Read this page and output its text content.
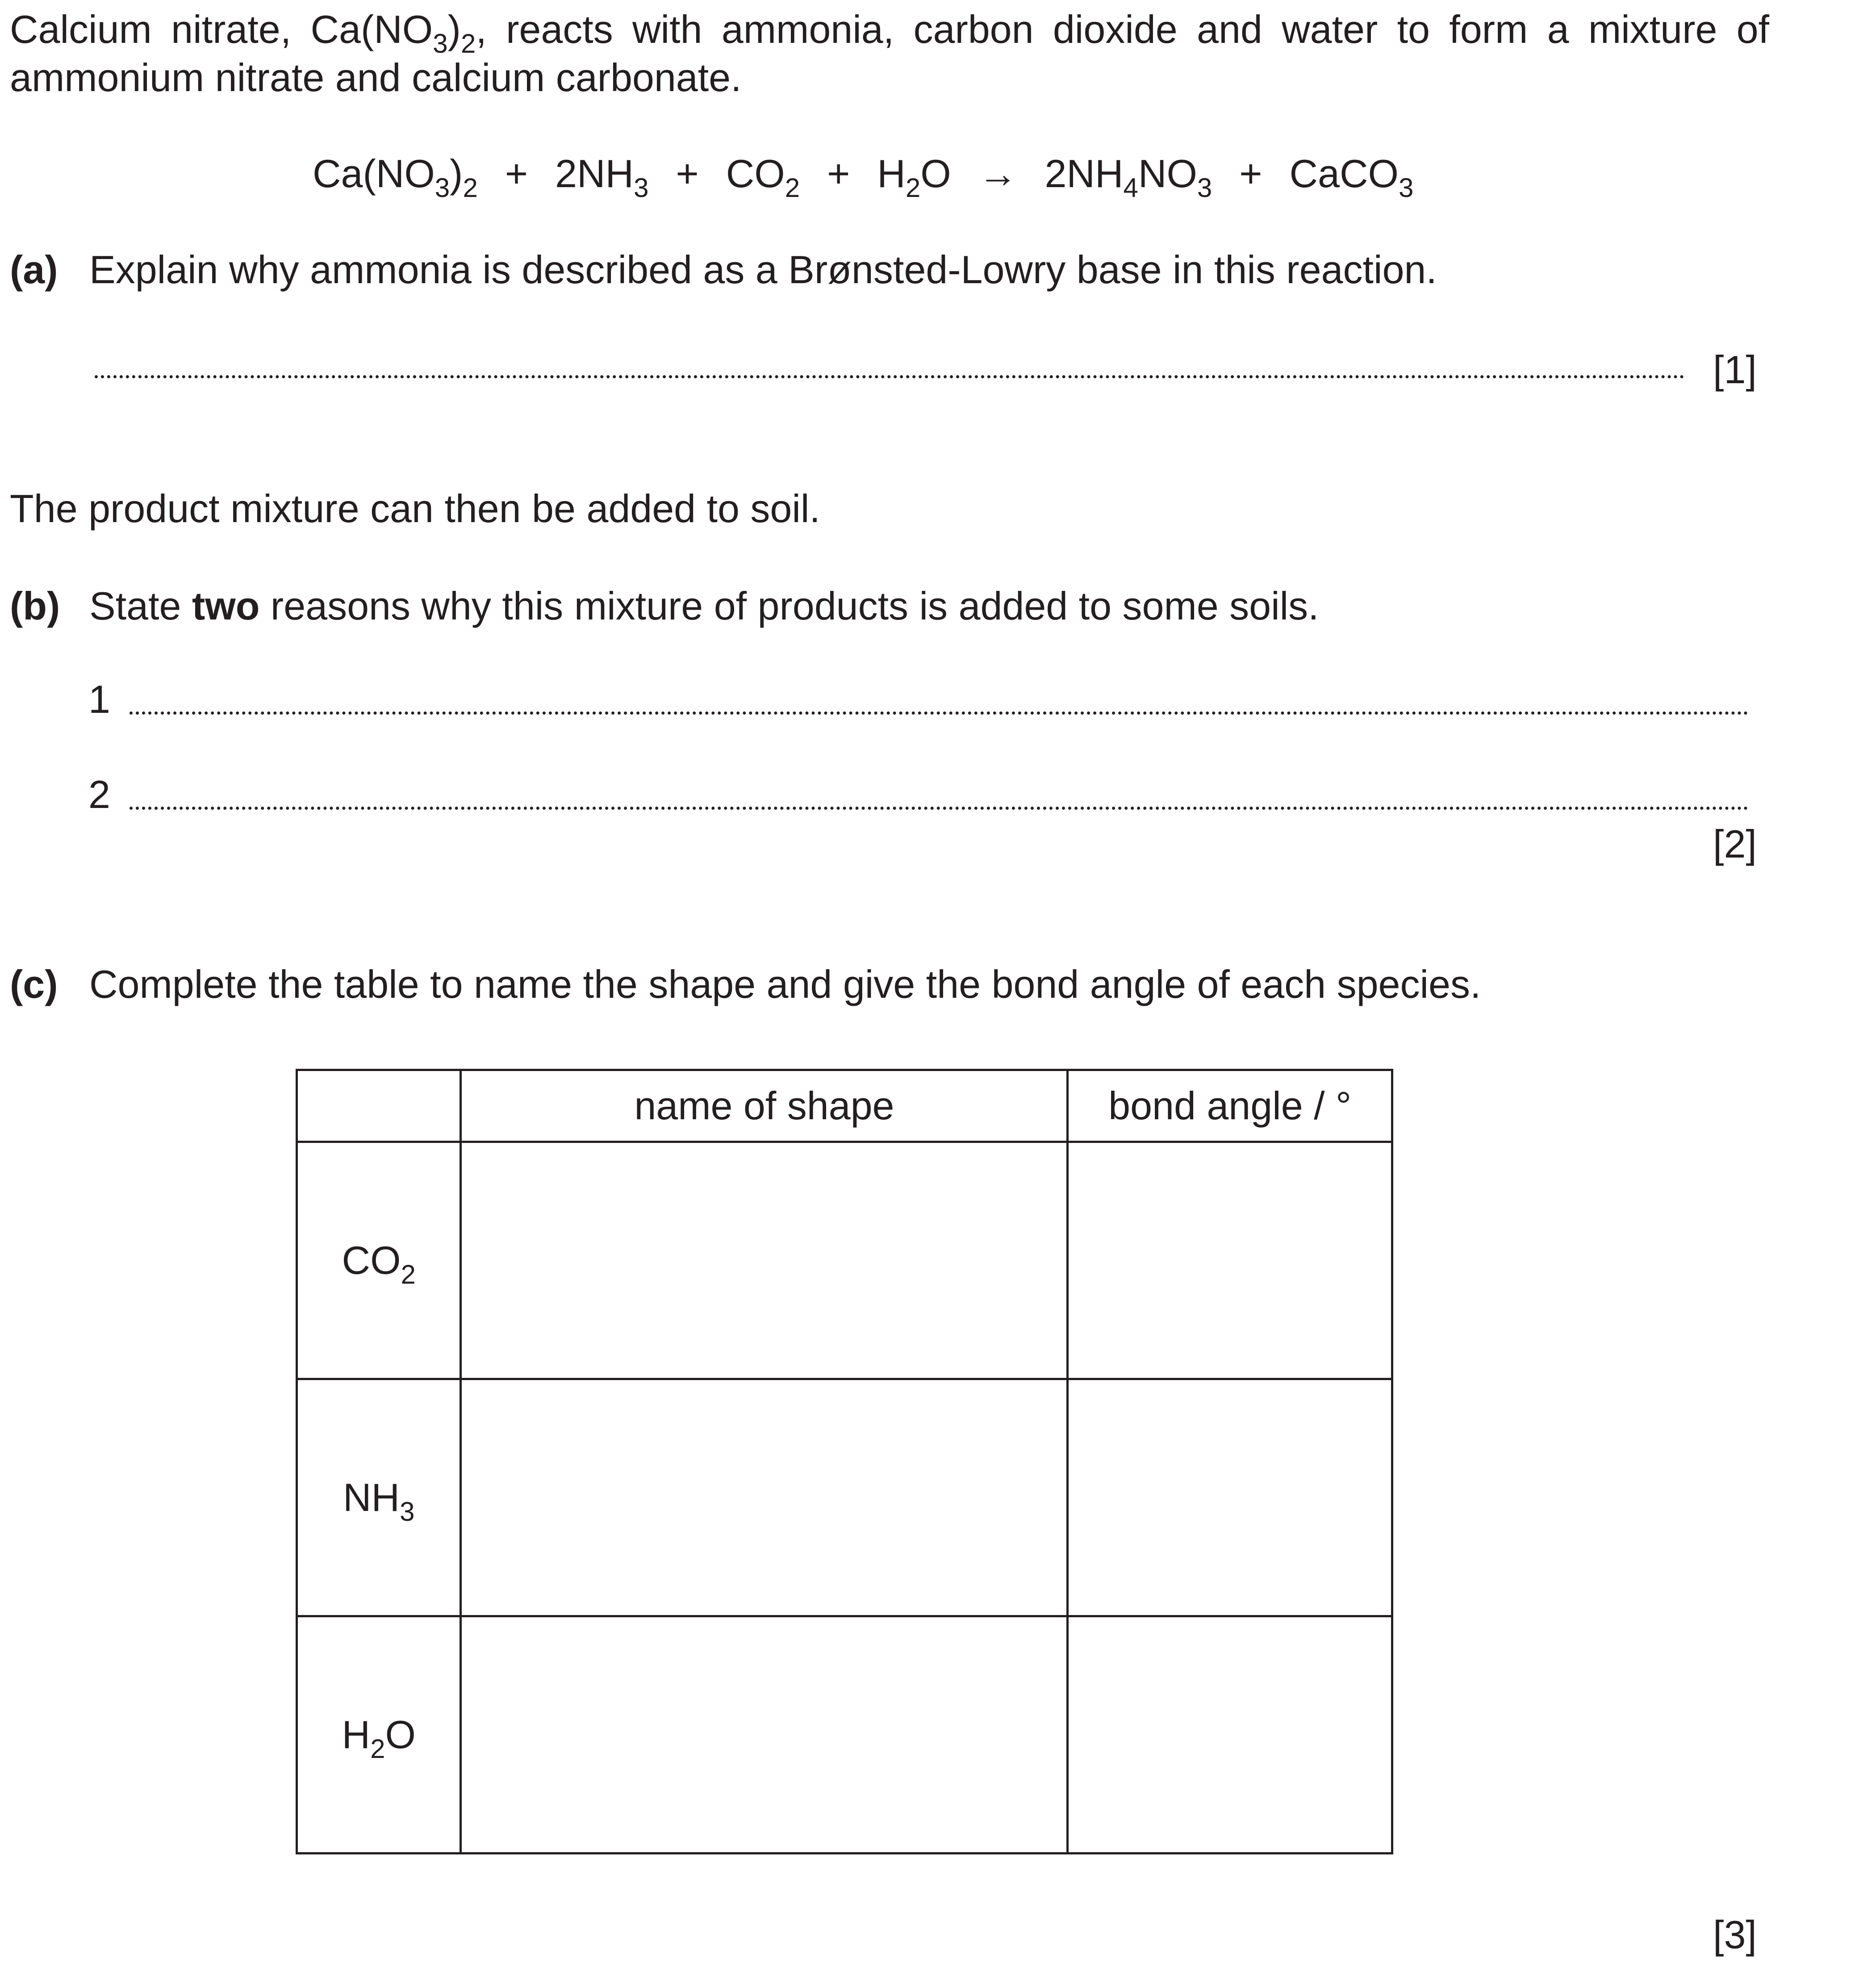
Calcium nitrate, $Ca(NO_3)_2$, reacts with ammonia, carbon dioxide and water to form a mixture of
ammonium nitrate and calcium carbonate.
$Ca(NO_3)_2 + 2NH_3 + CO_2 + H_2O \to 2NH_4NO_3$ + CaCO$_3$
(a) Explain why ammonia is described as a Brønsted-Lowry base in this reaction.
[1]
The product mixture can then be added to soil.
(b) State two reasons why this mixture of products is added to some soils.
1
2
[2]
(c) Complete the table to name the shape and give the bond angle of each species.
	name of shape	bond angle / °
$CO_2$		
$NH_3$		
$H_2O$		
[3]
